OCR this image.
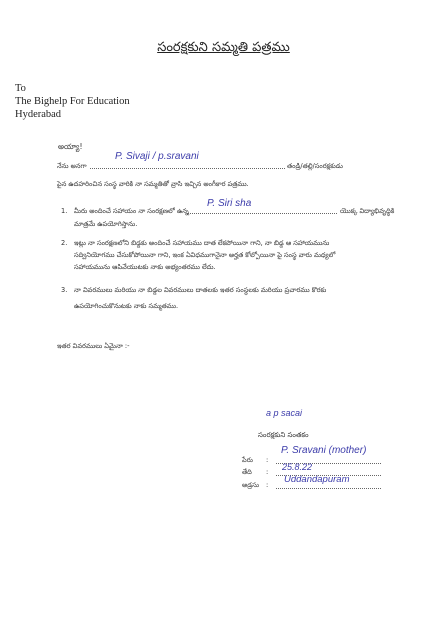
సంరక్షకుని సమ్మతి పత్రము
To
The Bighelp For Education
Hyderabad
అయ్యా!
నేను అనగా
P. Sivaji / p.sravani
తండ్రి/తల్లి/సంరక్షకుడు
పైన ఉదహరించిన సంస్థ వారికి నా సమ్మతితో వ్రాసి ఇచ్చిన అంగీకార పత్రము.
1. మీరు అందించే సహాయం నా సంరక్షణలో ఉన్న
P. Siri sha
యొక్క విద్యాభివృద్ధికి
మాత్రమే ఉపయోగిస్తాను.
2. ఇట్లు నా సంరక్షణలోని బిడ్డకు అందించే సహాయము దాత లేకపోయినా గాని, నా బిడ్డ ఆ సహాయమును
సద్వినియోగము చేసుకోపోయినా గాని, ఇంక ఏవిధముగానైనా అర్హత కోల్పోయినా పై సంస్థ వారు మధ్యలో
సహాయమును ఆపివేయుటకు నాకు అభ్యంతరము లేదు.
3. నా వివరములు మరియు నా బిడ్డల వివరములు దాతలకు ఇతర సంస్థలకు మరియు ప్రచారము కొరకు
ఉపయోగించుకొనుటకు నాకు సమ్మతము.
ఇతర వివరములు ఏమైనా :-
a p sacai
సంరక్షకుని సంతకం
పేరు :
P. Sravani (mother)
తేది : 25.8.22
అడ్రసు : Uddandapuram
